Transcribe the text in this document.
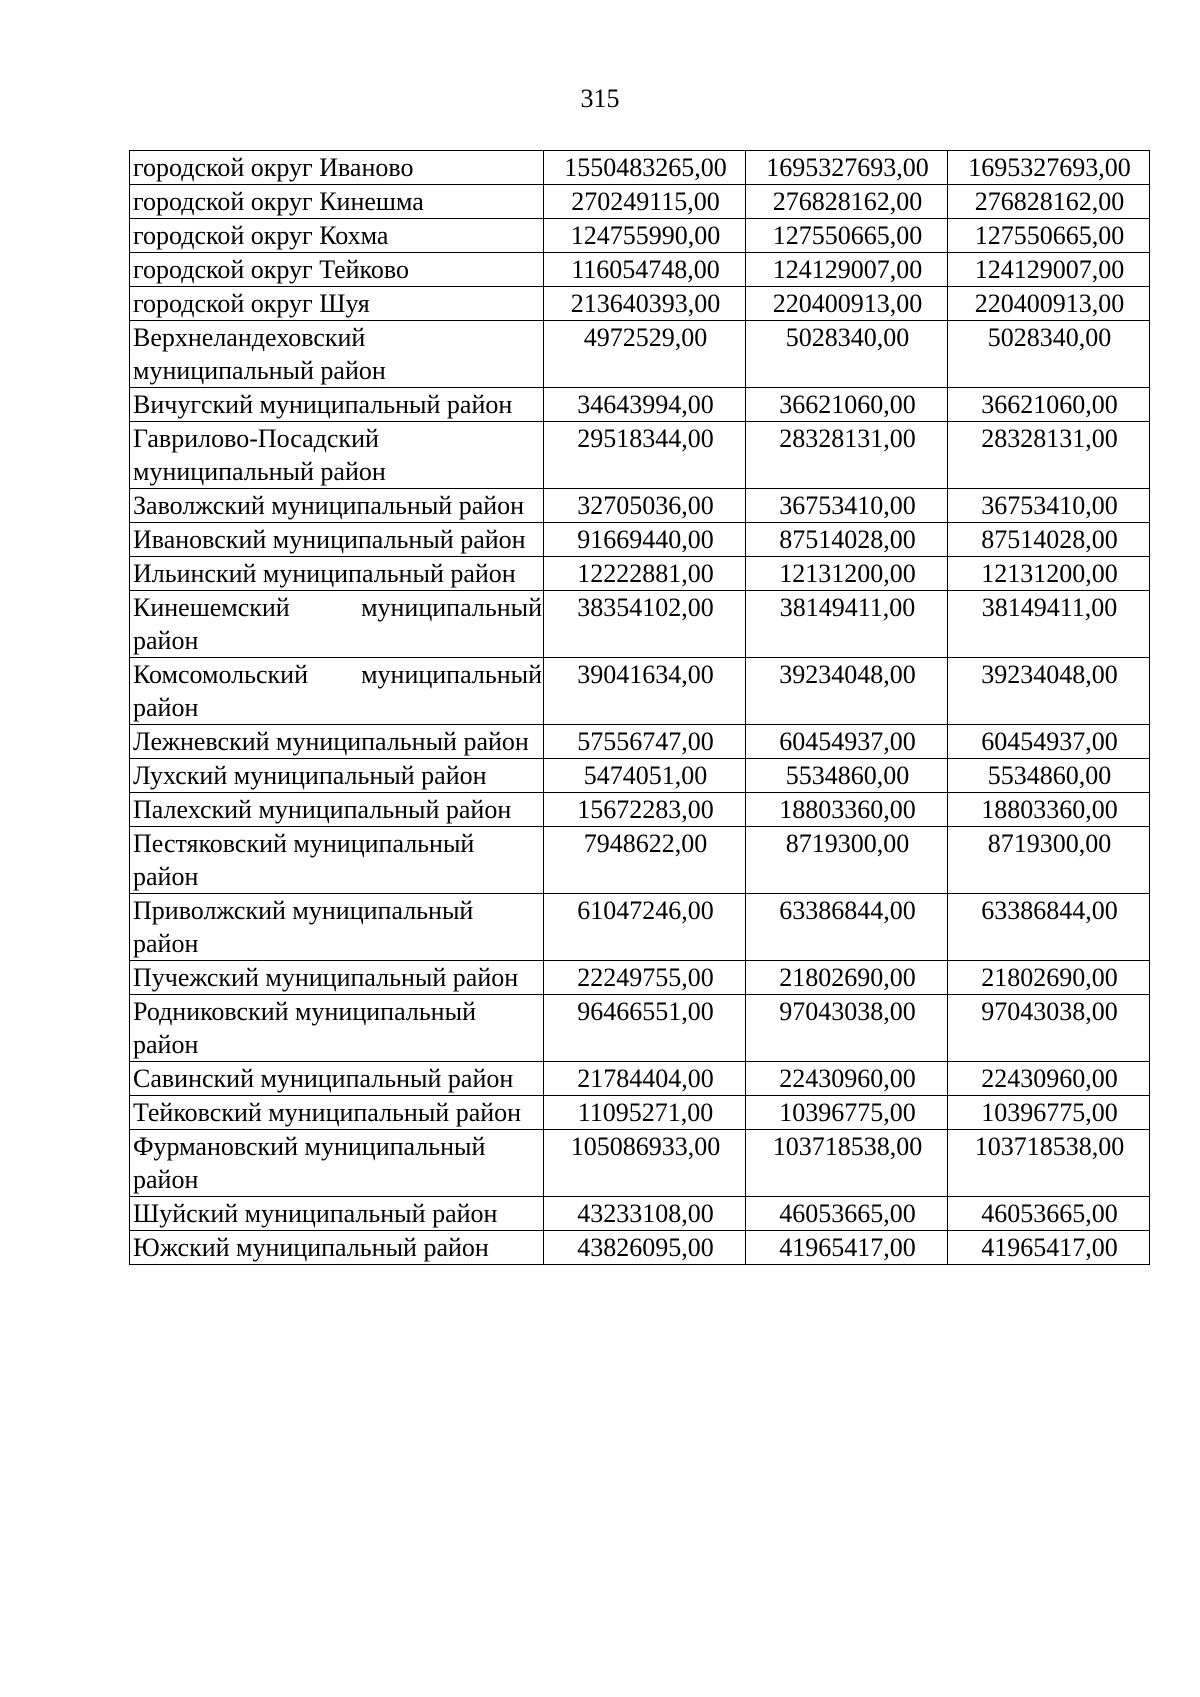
315
городской округ Иваново	1550483265,00	1695327693,00	1695327693,00
городской округ Кинешма	270249115,00	276828162,00	276828162,00
городской округ Кохма	124755990,00	127550665,00	127550665,00
городской округ Тейково	116054748,00	124129007,00	124129007,00
городской округ Шуя	213640393,00	220400913,00	220400913,00
Верхнеландеховский муниципальный район	4972529,00	5028340,00	5028340,00
Вичугский муниципальный район	34643994,00	36621060,00	36621060,00
Гаврилово-Посадский муниципальный район	29518344,00	28328131,00	28328131,00
Заволжский муниципальный район	32705036,00	36753410,00	36753410,00
Ивановский муниципальный район	91669440,00	87514028,00	87514028,00
Ильинский муниципальный район	12222881,00	12131200,00	12131200,00
Кинешемский муниципальный район	38354102,00	38149411,00	38149411,00
Комсомольский муниципальный район	39041634,00	39234048,00	39234048,00
Лежневский муниципальный район	57556747,00	60454937,00	60454937,00
Лухский муниципальный район	5474051,00	5534860,00	5534860,00
Палехский муниципальный район	15672283,00	18803360,00	18803360,00
Пестяковский муниципальный район	7948622,00	8719300,00	8719300,00
Приволжский муниципальный район	61047246,00	63386844,00	63386844,00
Пучежский муниципальный район	22249755,00	21802690,00	21802690,00
Родниковский муниципальный район	96466551,00	97043038,00	97043038,00
Савинский муниципальный район	21784404,00	22430960,00	22430960,00
Тейковский муниципальный район	11095271,00	10396775,00	10396775,00
Фурмановский муниципальный район	105086933,00	103718538,00	103718538,00
Шуйский муниципальный район	43233108,00	46053665,00	46053665,00
Южский муниципальный район	43826095,00	41965417,00	41965417,00
